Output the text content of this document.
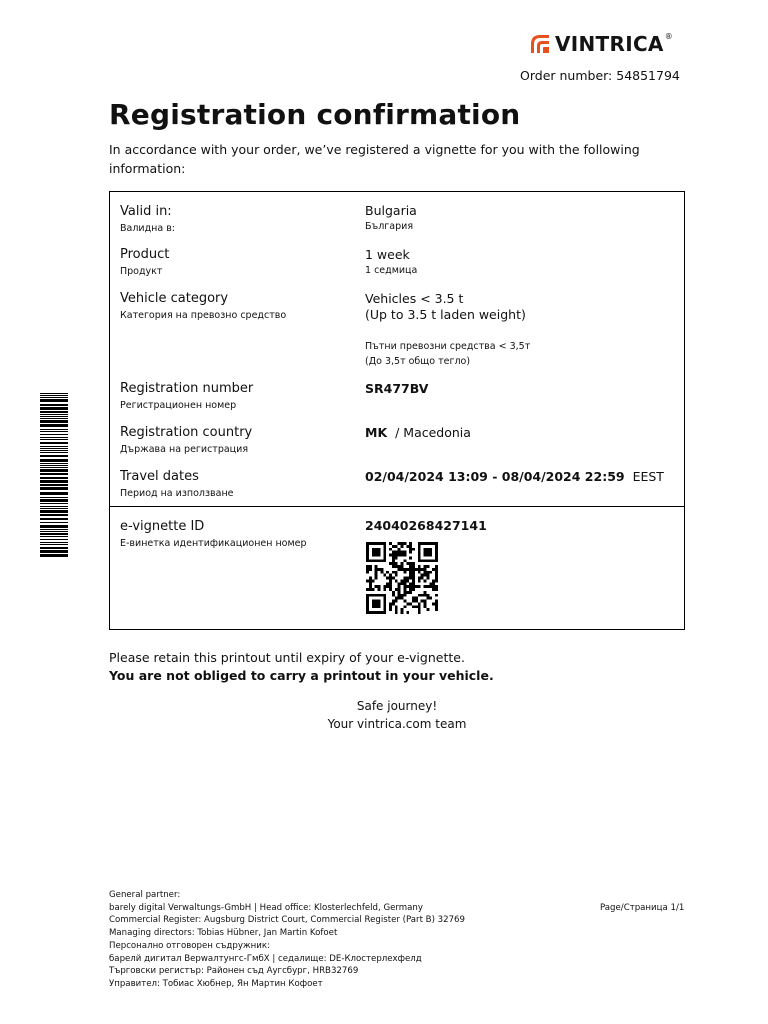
VINTRICA ®
Order number: 54851794
Registration confirmation

In accordance with your order, we’ve registered a vignette for you with the following information:

Valid in:
Валидна в:
Bulgaria
България
Product
Продукт
1 week
1 седмица
Vehicle category
Категория на превозно средство
Vehicles < 3.5 t
(Up to 3.5 t laden weight)
Пътни превозни средства < 3,5т
(До 3,5т общо тегло)
Registration number
Регистрационен номер
SR477BV
Registration country
Държава на регистрация
MK / Macedonia
Travel dates
Период на използване
02/04/2024 13:09 - 08/04/2024 22:59 EEST
e-vignette ID
Е-винетка идентификационен номер
24040268427141
Please retain this printout until expiry of your e-vignette.
You are not obliged to carry a printout in your vehicle.
Safe journey!
Your vintrica.com team
General partner:
barely digital Verwaltungs-GmbH | Head office: Klosterlechfeld, Germany
Commercial Register: Augsburg District Court, Commercial Register (Part B) 32769
Managing directors: Tobias Hübner, Jan Martin Kofoet
Персонално отговорен съдружник:
барелй дигитал Верwалтунгс-ГмбХ | седалище: DE-Клостерлехфелд
Търговски регистър: Районен съд Аугсбург, HRB32769
Управител: Тобиас Хюбнер, Ян Мартин Кофоет
Page/Страница 1/1
